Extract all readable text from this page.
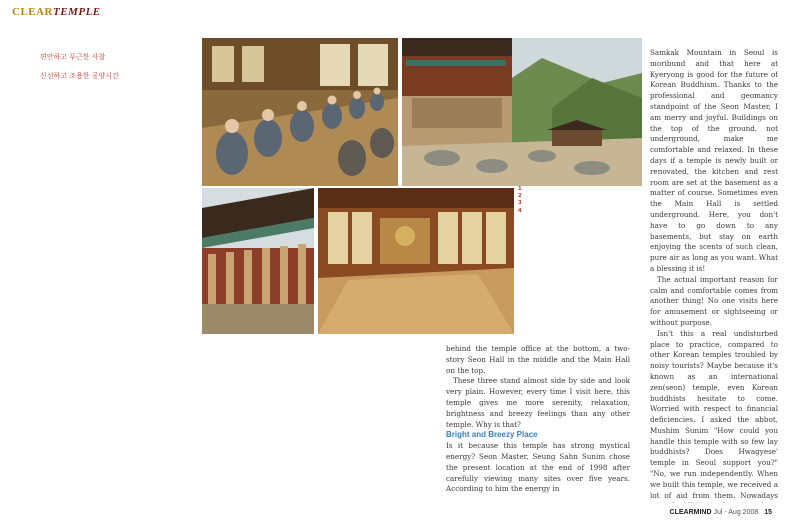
CLEARTEMPLE

편안하고 푸근한 사찰

신선하고 조용한 공양시간

1
2
3
4

behind the temple office at the bottom, a two-story Seon Hall in the middle and the Main Hall on the top.

These three stand almost side by side and look very plain. However, every time I visit here, this temple gives me more serenity, relaxation, brightness and breezy feelings than any other temple. Why is that?

Bright and Breezy Place

Is it because this temple has strong mystical energy? Seon Master, Seung Sahn Sunim chose the present location at the end of 1998 after carefully viewing many sites over five years. According to him the energy in

Samkak Mountain in Seoul is moribund and that here at Kyeryong is good for the future of Korean Buddhism. Thanks to the professional and geomancy standpoint of the Seon Master, I am merry and joyful. Buildings on the top of the ground, not underground, make me comfortable and relaxed. In these days if a temple is newly built or renovated, the kitchen and rest room are set at the basement as a matter of course. Sometimes even the Main Hall is settled underground. Here, you don't have to go down to any basements, but stay on earth enjoying the scents of such clean, pure air as long as you want. What a blessing it is!

The actual important reason for calm and comfortable comes from another thing! No one visits here for amusement or sightseeing or without purpose.

Isn't this a real undisturbed place to practice, compared to other Korean temples troubled by noisy tourists? Maybe because it's known as an international zen(seon) temple, even Korean buddhists hesitate to come. Worried with respect to financial deficiencies, I asked the abbot, Mushim Sunim "How could you handle this temple with so few lay buddhists? Does Hwagyese' temple in Seoul support you?" "No, we run independently. When we built this temple, we received a lot of aid from them. Nowadays

CLEARMIND Jul - Aug 2008 15
